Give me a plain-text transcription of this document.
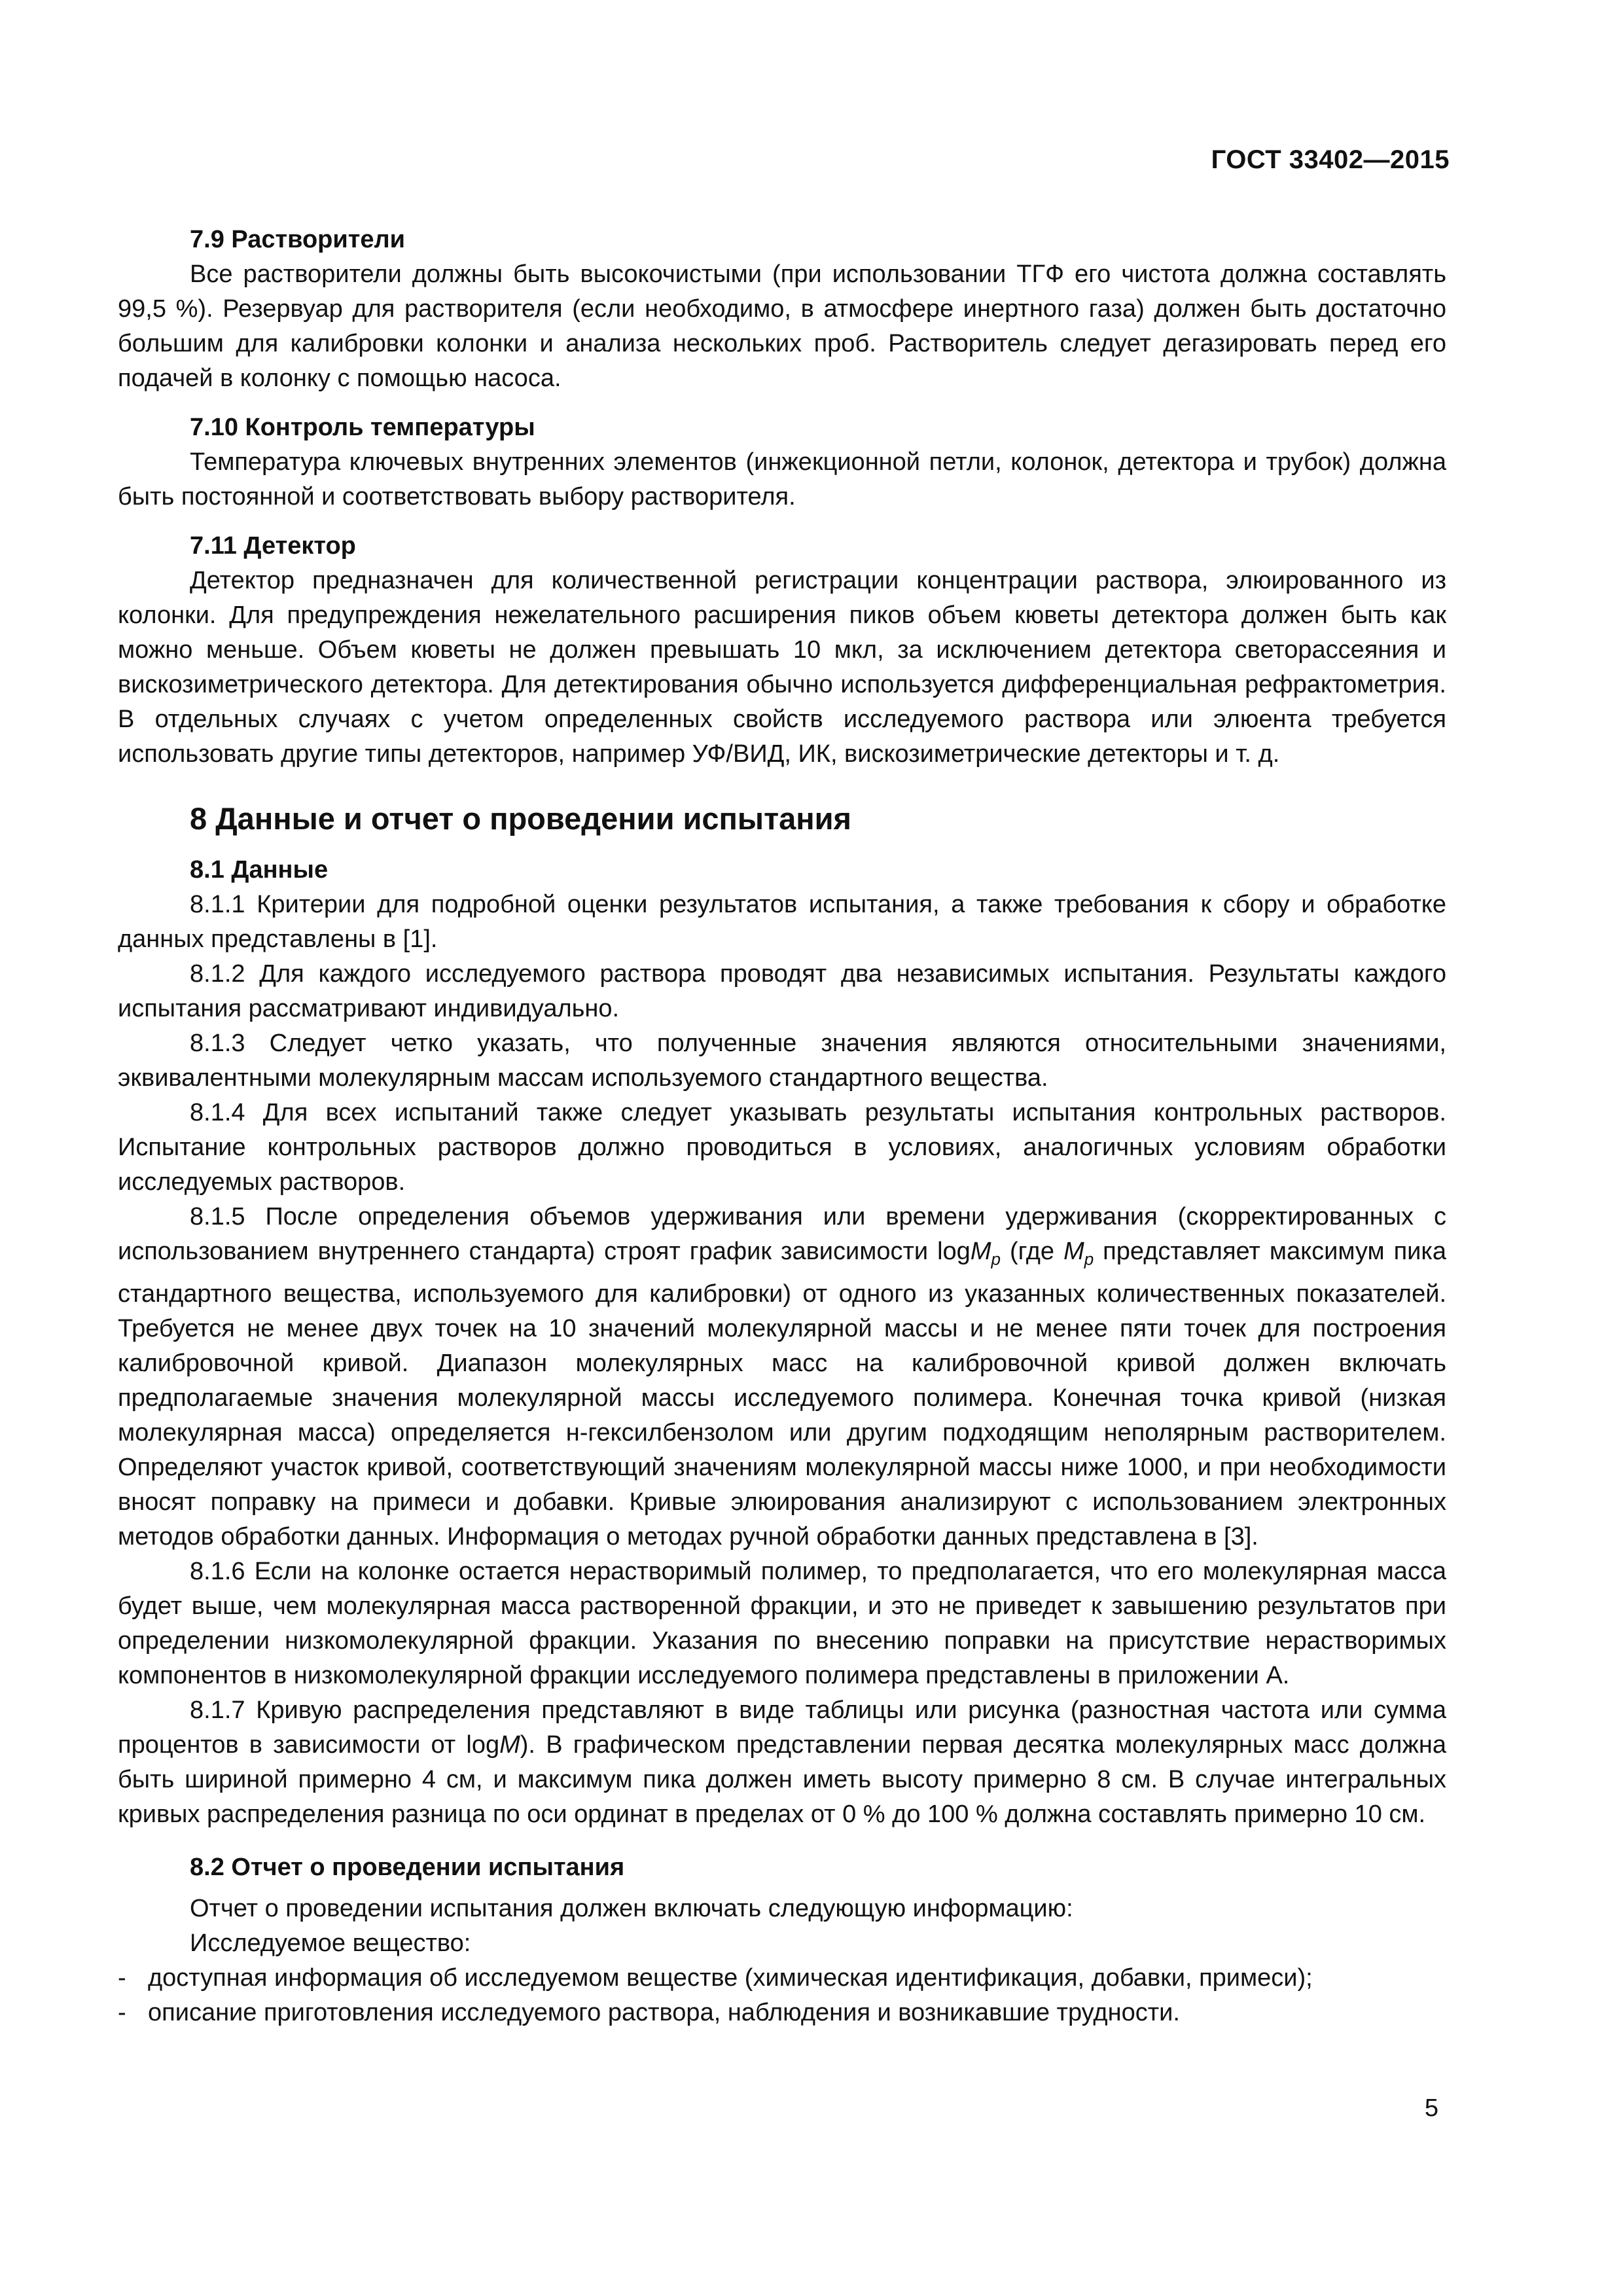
ГОСТ 33402—2015
7.9 Растворители

Все растворители должны быть высокочистыми (при использовании ТГФ его чистота должна составлять 99,5 %). Резервуар для растворителя (если необходимо, в атмосфере инертного газа) должен быть достаточно большим для калибровки колонки и анализа нескольких проб. Растворитель следует дегазировать перед его подачей в колонку с помощью насоса.

7.10 Контроль температуры

Температура ключевых внутренних элементов (инжекционной петли, колонок, детектора и трубок) должна быть постоянной и соответствовать выбору растворителя.

7.11 Детектор

Детектор предназначен для количественной регистрации концентрации раствора, элюированного из колонки. Для предупреждения нежелательного расширения пиков объем кюветы детектора должен быть как можно меньше. Объем кюветы не должен превышать 10 мкл, за исключением детектора светорассеяния и вискозиметрического детектора. Для детектирования обычно используется дифференциальная рефрактометрия. В отдельных случаях с учетом определенных свойств исследуемого раствора или элюента требуется использовать другие типы детекторов, например УФ/ВИД, ИК, вискозиметрические детекторы и т. д.

8 Данные и отчет о проведении испытания
8.1 Данные

8.1.1 Критерии для подробной оценки результатов испытания, а также требования к сбору и обработке данных представлены в [1].

8.1.2 Для каждого исследуемого раствора проводят два независимых испытания. Результаты каждого испытания рассматривают индивидуально.

8.1.3 Следует четко указать, что полученные значения являются относительными значениями, эквивалентными молекулярным массам используемого стандартного вещества.

8.1.4 Для всех испытаний также следует указывать результаты испытания контрольных растворов. Испытание контрольных растворов должно проводиться в условиях, аналогичных условиям обработки исследуемых растворов.

8.1.5 После определения объемов удерживания или времени удерживания (скорректированных с использованием внутреннего стандарта) строят график зависимости logM$_p$ (где $M_p$ представляет максимум пика стандартного вещества, используемого для калибровки) от одного из указанных количественных показателей. Требуется не менее двух точек на 10 значений молекулярной массы и не менее пяти точек для построения калибровочной кривой. Диапазон молекулярных масс на калибровочной кривой должен включать предполагаемые значения молекулярной массы исследуемого полимера. Конечная точка кривой (низкая молекулярная масса) определяется н-гексилбензолом или другим подходящим неполярным растворителем. Определяют участок кривой, соответствующий значениям молекулярной массы ниже 1000, и при необходимости вносят поправку на примеси и добавки. Кривые элюирования анализируют с использованием электронных методов обработки данных. Информация о методах ручной обработки данных представлена в [3].

8.1.6 Если на колонке остается нерастворимый полимер, то предполагается, что его молекулярная масса будет выше, чем молекулярная масса растворенной фракции, и это не приведет к завышению результатов при определении низкомолекулярной фракции. Указания по внесению поправки на присутствие нерастворимых компонентов в низкомолекулярной фракции исследуемого полимера представлены в приложении А.

8.1.7 Кривую распределения представляют в виде таблицы или рисунка (разностная частота или сумма процентов в зависимости от logM). В графическом представлении первая десятка молекулярных масс должна быть шириной примерно 4 см, и максимум пика должен иметь высоту примерно 8 см. В случае интегральных кривых распределения разница по оси ординат в пределах от 0 % до 100 % должна составлять примерно 10 см.

8.2 Отчет о проведении испытания

Отчет о проведении испытания должен включать следующую информацию:

Исследуемое вещество:

- доступная информация об исследуемом веществе (химическая идентификация, добавки, примеси);

- описание приготовления исследуемого раствора, наблюдения и возникавшие трудности.

5
